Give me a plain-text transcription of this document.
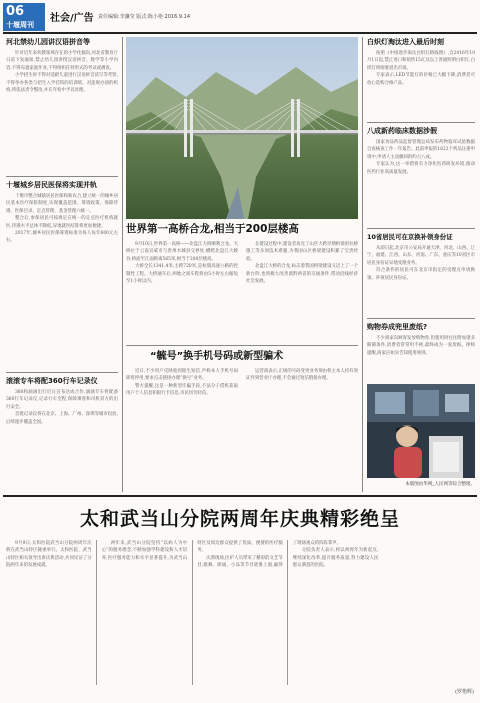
06
十堰周刊
社会/广告 责任编辑:李濂莹 版式:陈小艳 2016.9.14
河北禁幼儿园讲汉语拼音等

针对近年来幼教领域存在的小学化倾向,河北省教育厅日前下发通知,禁止幼儿园讲授汉语拼音、数学等小学内容,不得布置家庭作业,不得组织任何形式的考试或测查。

小学招生时不得对适龄儿童进行汉语拼音读写等考察,不得举办各类与招生入学挂钩的培训班。对违规办园的机构,将依法责令整改,并在年检中予以处理。

十堰城乡居民医保将实现并轨

十堰市整合城镇居民医保和新农合,建立统一的城乡居民基本医疗保险制度,实现覆盖范围、筹资政策、保障待遇、医保目录、定点管理、基金管理六统一。

整合后,参保居民可按规定在统一的定点医疗机构就医,待遇水平总体不降低,异地就医结算将更加便捷。

2017年,城乡居民医保筹资标准为每人每年600元左右。

滚滚专车将配360行车记录仪

360和滴滴出行近日宣布达成合作,滴滴专车将配备360行车记录仪,记录行车全程,保障乘客和司机双方的出行安全。

首批记录仪将在北京、上海、广州、深圳等城市投放,后续逐步覆盖全国。

世界第一高桥合龙,相当于200层楼高

9月10日,世界第一高桥——北盘江大桥顺利合龙。大桥位于云南宣威市与贵州水城县交界处,横跨北盘江大峡谷,桥面至江面距离565米,相当于200层楼高。

大桥全长1341.4米,主跨720米,是杭瑞高速公路的控制性工程。大桥通车后,两地之间车程将由5小时左右缩短至1小时以内。

在建设过程中,建设者攻克了山区大跨径钢桁梁斜拉桥施工等多项技术难题,为我国山区桥梁建设积累了宝贵经验。

北盘江大桥的合龙,标志着我国桥梁建设又迈上了一个新台阶,也将极大改善滇黔两省的交通条件,带动沿线经济社会发展。

“毓号”换手机号码或新型骗术

近日,不少用户反映收到陌生短信,声称本人手机号码即将停用,要求点击链接办理“换号”业务。

警方提醒,这是一种新型诈骗手段,不法分子借机获取用户个人信息和银行卡信息,市民切勿轻信。

运营商表示,正规的号码变更业务须由机主本人持有效证件到营业厅办理,不会通过短信链接办理。

白炽灯淘汰进入最后时刻

按照《中国逐步淘汰白炽灯路线图》,自2016年10月1日起,禁止进口和销售15瓦及以上普通照明白炽灯,白炽灯将彻底退出市场。

专家表示,LED节能灯的价格已大幅下降,消费者可放心选购合格产品。

八成新药临床数据涉假

国家食品药品监督管理总局发布药物临床试验数据自查核查工作一年报告。此前申报的1622个药品注册申请中,申请人主动撤回的约占八成。

专家认为,这一举措将有力净化医药研发环境,推动医药行业高质量发展。

10省居民可在京换补领身份证

从即日起,北京市公安局开通天津、河北、山西、辽宁、福建、江西、山东、河南、广东、重庆等10省区市居民身份证异地受理业务。

符合条件的居民可在北京市指定的受理点申请换领、补领居民身份证。

购物券成兜里废纸?

不少商家向顾客发放购物券,但使用时往往附加诸多限制条件,消费者常常用不掉,最终成为一张废纸。律师提醒,商家应如实告知使用规则。

本版图由华网_人民网等综合整理。
太和武当山分院两周年庆典精彩绝呈

9月9日,太和医院武当山分院两周年庆典在武当山特区隆重举行。太和医院、武当山特区相关领导出席庆典活动,共同见证了分院两年来的发展成就。

两年来,武当山分院坚持“以病人为中心”的服务理念,不断加强学科建设和人才培养,医疗服务能力和水平显著提升,为武当山特区及周边群众提供了优质、便捷的医疗服务。

庆典现场,医护人员带来了精彩的文艺节目,歌舞、朗诵、小品等节目轮番上演,赢得了现场观众的阵阵掌声。

分院负责人表示,将以两周年为新起点,继续深化改革,提升服务质量,努力建设人民群众满意的医院。

(罗艳辉)
